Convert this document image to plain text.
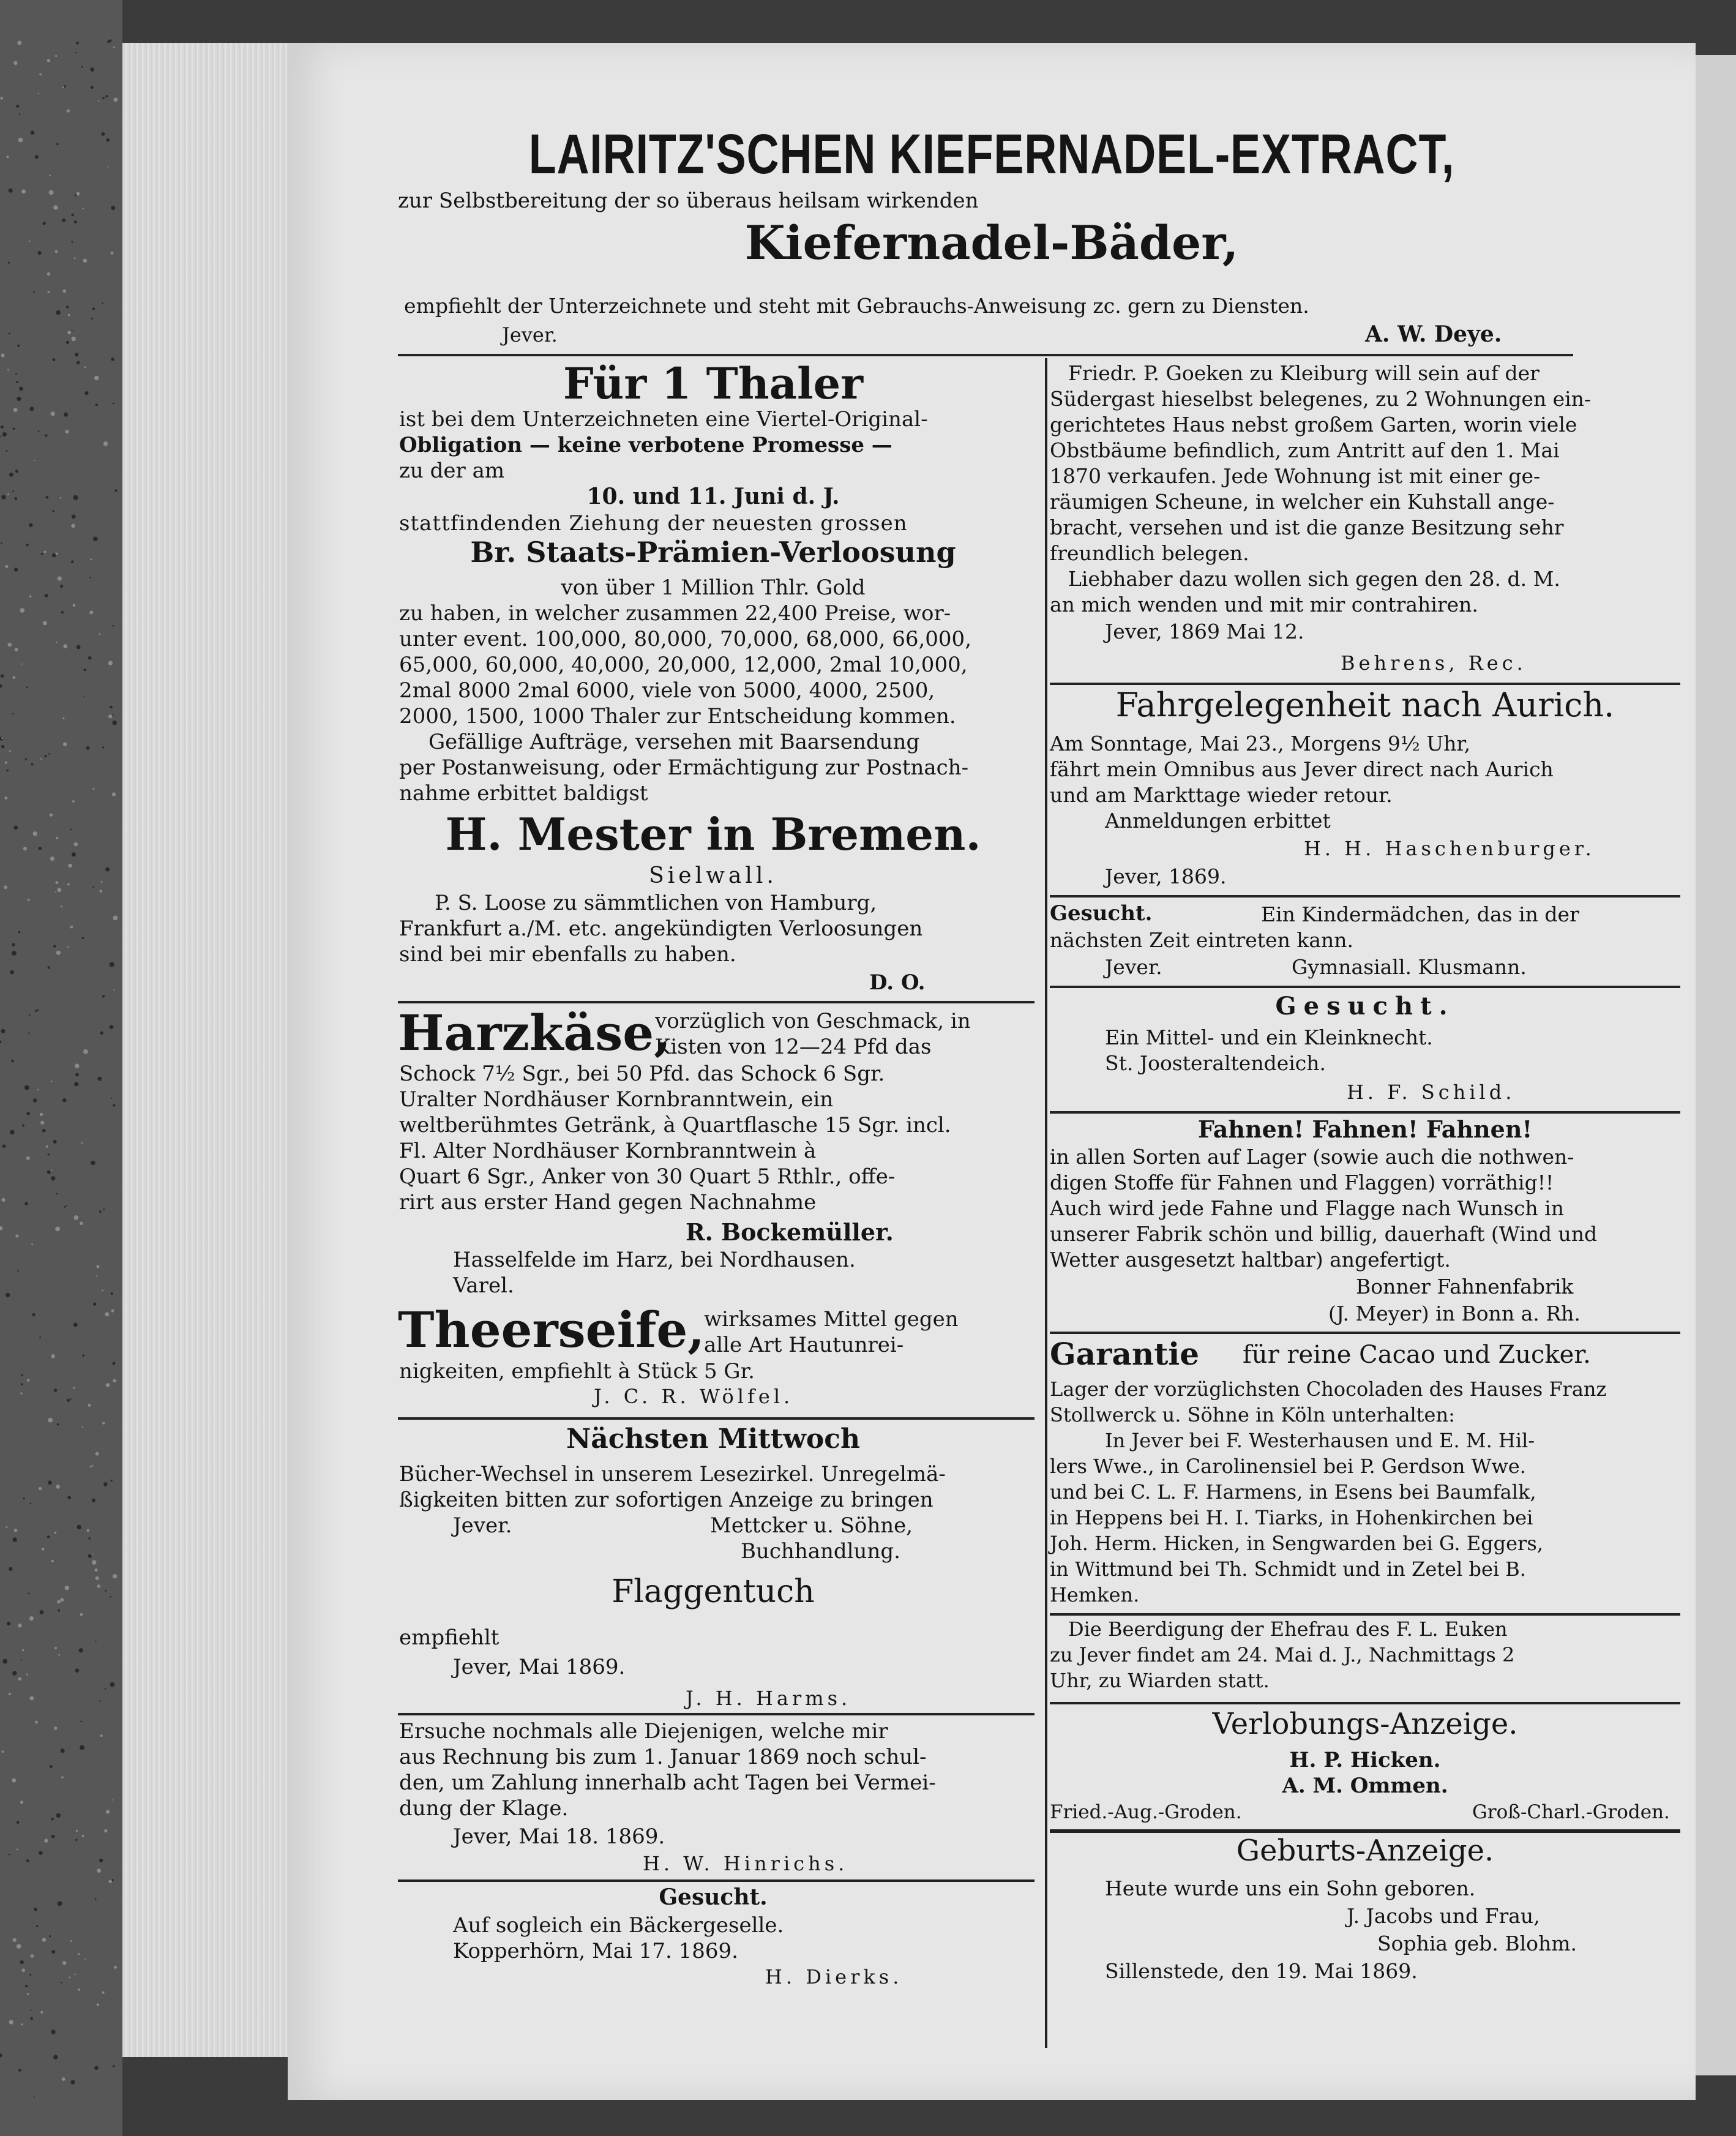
LAIRITZ'SCHEN KIEFERNADEL-EXTRACT,
zur Selbstbereitung der so überaus heilsam wirkenden
Kiefernadel-Bäder,
empfiehlt der Unterzeichnete und steht mit Gebrauchs-Anweisung zc. gern zu Diensten.
Jever.	A. W. Deye.
Für 1 Thaler
ist bei dem Unterzeichneten eine Viertel-Original-
Obligation — keine verbotene Promesse —
zu der am
10. und 11. Juni d. J.
stattfindenden Ziehung der neuesten grossen
Br. Staats-Prämien-Verloosung
von über 1 Million Thlr. Gold
zu haben, in welcher zusammen 22,400 Preise, wor-
unter event. 100,000, 80,000, 70,000, 68,000, 66,000,
65,000, 60,000, 40,000, 20,000, 12,000, 2mal 10,000,
2mal 8000 2mal 6000, viele von 5000, 4000, 2500,
2000, 1500, 1000 Thaler zur Entscheidung kommen.
Gefällige Aufträge, versehen mit Baarsendung
per Postanweisung, oder Ermächtigung zur Postnach-
nahme erbittet baldigst
H. Mester in Bremen.
Sielwall.
P. S. Loose zu sämmtlichen von Hamburg,
Frankfurt a./M. etc. angekündigten Verloosungen
sind bei mir ebenfalls zu haben.
D. O.
Harzkäse,
vorzüglich von Geschmack, in
Kisten von 12—24 Pfd das
Schock 7½ Sgr., bei 50 Pfd. das Schock 6 Sgr.
Uralter Nordhäuser Kornbranntwein, ein
weltberühmtes Getränk, à Quartflasche 15 Sgr. incl.
Fl. Alter Nordhäuser Kornbranntwein à
Quart 6 Sgr., Anker von 30 Quart 5 Rthlr., offe-
rirt aus erster Hand gegen Nachnahme
R. Bockemüller.
Hasselfelde im Harz, bei Nordhausen.
Varel.
Theerseife,
wirksames Mittel gegen
alle Art Hautunrei-
nigkeiten, empfiehlt à Stück 5 Gr.
J. C. R. Wölfel.
Nächsten Mittwoch
Bücher-Wechsel in unserem Lesezirkel. Unregelmä-
ßigkeiten bitten zur sofortigen Anzeige zu bringen
Jever.	Mettcker u. Söhne,
Buchhandlung.
Flaggentuch
empfiehlt
Jever, Mai 1869.
J. H. Harms.
Ersuche nochmals alle Diejenigen, welche mir
aus Rechnung bis zum 1. Januar 1869 noch schul-
den, um Zahlung innerhalb acht Tagen bei Vermei-
dung der Klage.
Jever, Mai 18. 1869.
H. W. Hinrichs.
Gesucht.
Auf sogleich ein Bäckergeselle.
Kopperhörn, Mai 17. 1869.
H. Dierks.
Friedr. P. Goeken zu Kleiburg will sein auf der
Südergast hieselbst belegenes, zu 2 Wohnungen ein-
gerichtetes Haus nebst großem Garten, worin viele
Obstbäume befindlich, zum Antritt auf den 1. Mai
1870 verkaufen. Jede Wohnung ist mit einer ge-
räumigen Scheune, in welcher ein Kuhstall ange-
bracht, versehen und ist die ganze Besitzung sehr
freundlich belegen.
Liebhaber dazu wollen sich gegen den 28. d. M.
an mich wenden und mit mir contrahiren.
Jever, 1869 Mai 12.
Behrens, Rec.
Fahrgelegenheit nach Aurich.
Am Sonntage, Mai 23., Morgens 9½ Uhr,
fährt mein Omnibus aus Jever direct nach Aurich
und am Markttage wieder retour.
Anmeldungen erbittet
H. H. Haschenburger.
Jever, 1869.
Gesucht.	Ein Kindermädchen, das in der
nächsten Zeit eintreten kann.
Jever.	Gymnasiall. Klusmann.
Gesucht.
Ein Mittel- und ein Kleinknecht.
St. Joosteraltendeich.
H. F. Schild.
Fahnen! Fahnen! Fahnen!
in allen Sorten auf Lager (sowie auch die nothwen-
digen Stoffe für Fahnen und Flaggen) vorräthig!!
Auch wird jede Fahne und Flagge nach Wunsch in
unserer Fabrik schön und billig, dauerhaft (Wind und
Wetter ausgesetzt haltbar) angefertigt.
Bonner Fahnenfabrik
(J. Meyer) in Bonn a. Rh.
Garantie für reine Cacao und Zucker.
Lager der vorzüglichsten Chocoladen des Hauses Franz
Stollwerck u. Söhne in Köln unterhalten:
In Jever bei F. Westerhausen und E. M. Hil-
lers Wwe., in Carolinensiel bei P. Gerdson Wwe.
und bei C. L. F. Harmens, in Esens bei Baumfalk,
in Heppens bei H. I. Tiarks, in Hohenkirchen bei
Joh. Herm. Hicken, in Sengwarden bei G. Eggers,
in Wittmund bei Th. Schmidt und in Zetel bei B.
Hemken.
Die Beerdigung der Ehefrau des F. L. Euken
zu Jever findet am 24. Mai d. J., Nachmittags 2
Uhr, zu Wiarden statt.
Verlobungs-Anzeige.
H. P. Hicken.
A. M. Ommen.
Fried.-Aug.-Groden.	Groß-Charl.-Groden.
Geburts-Anzeige.
Heute wurde uns ein Sohn geboren.
J. Jacobs und Frau,
Sophia geb. Blohm.
Sillenstede, den 19. Mai 1869.
